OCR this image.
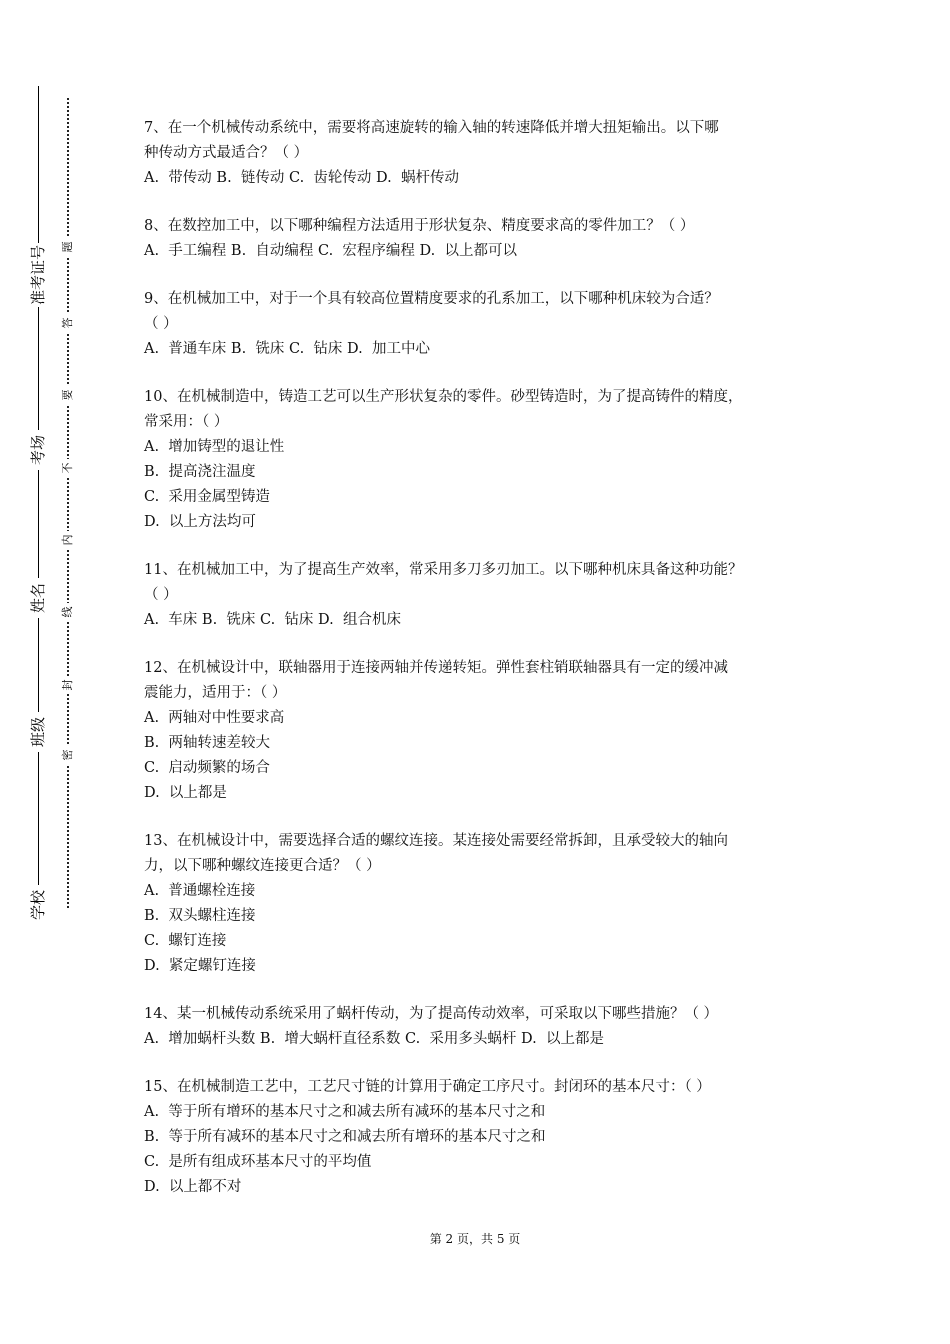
准考证号
考场
姓名
班级
学校
题
答
要
不
内
线
封
密
7、在一个机械传动系统中，需要将高速旋转的输入轴的转速降低并增大扭矩输出。以下哪
种传动方式最适合？（ ）
A.  带传动 B.  链传动 C.  齿轮传动 D.  蜗杆传动
8、在数控加工中，以下哪种编程方法适用于形状复杂、精度要求高的零件加工？（ ）
A.  手工编程 B.  自动编程 C.  宏程序编程 D.  以上都可以
9、在机械加工中，对于一个具有较高位置精度要求的孔系加工，以下哪种机床较为合适？
（ ）
A.  普通车床 B.  铣床 C.  钻床 D.  加工中心
10、在机械制造中，铸造工艺可以生产形状复杂的零件。砂型铸造时，为了提高铸件的精度，
常采用：（ ）
A.  增加铸型的退让性
B.  提高浇注温度
C.  采用金属型铸造
D.  以上方法均可
11、在机械加工中，为了提高生产效率，常采用多刀多刃加工。以下哪种机床具备这种功能？
（ ）
A.  车床 B.  铣床 C.  钻床 D.  组合机床
12、在机械设计中，联轴器用于连接两轴并传递转矩。弹性套柱销联轴器具有一定的缓冲减
震能力，适用于：（ ）
A.  两轴对中性要求高
B.  两轴转速差较大
C.  启动频繁的场合
D.  以上都是
13、在机械设计中，需要选择合适的螺纹连接。某连接处需要经常拆卸，且承受较大的轴向
力，以下哪种螺纹连接更合适？（ ）
A.  普通螺栓连接
B.  双头螺柱连接
C.  螺钉连接
D.  紧定螺钉连接
14、某一机械传动系统采用了蜗杆传动，为了提高传动效率，可采取以下哪些措施？（ ）
A.  增加蜗杆头数 B.  增大蜗杆直径系数 C.  采用多头蜗杆 D.  以上都是
15、在机械制造工艺中，工艺尺寸链的计算用于确定工序尺寸。封闭环的基本尺寸：（ ）
A.  等于所有增环的基本尺寸之和减去所有减环的基本尺寸之和
B.  等于所有减环的基本尺寸之和减去所有增环的基本尺寸之和
C.  是所有组成环基本尺寸的平均值
D.  以上都不对
第 2 页，共 5 页
